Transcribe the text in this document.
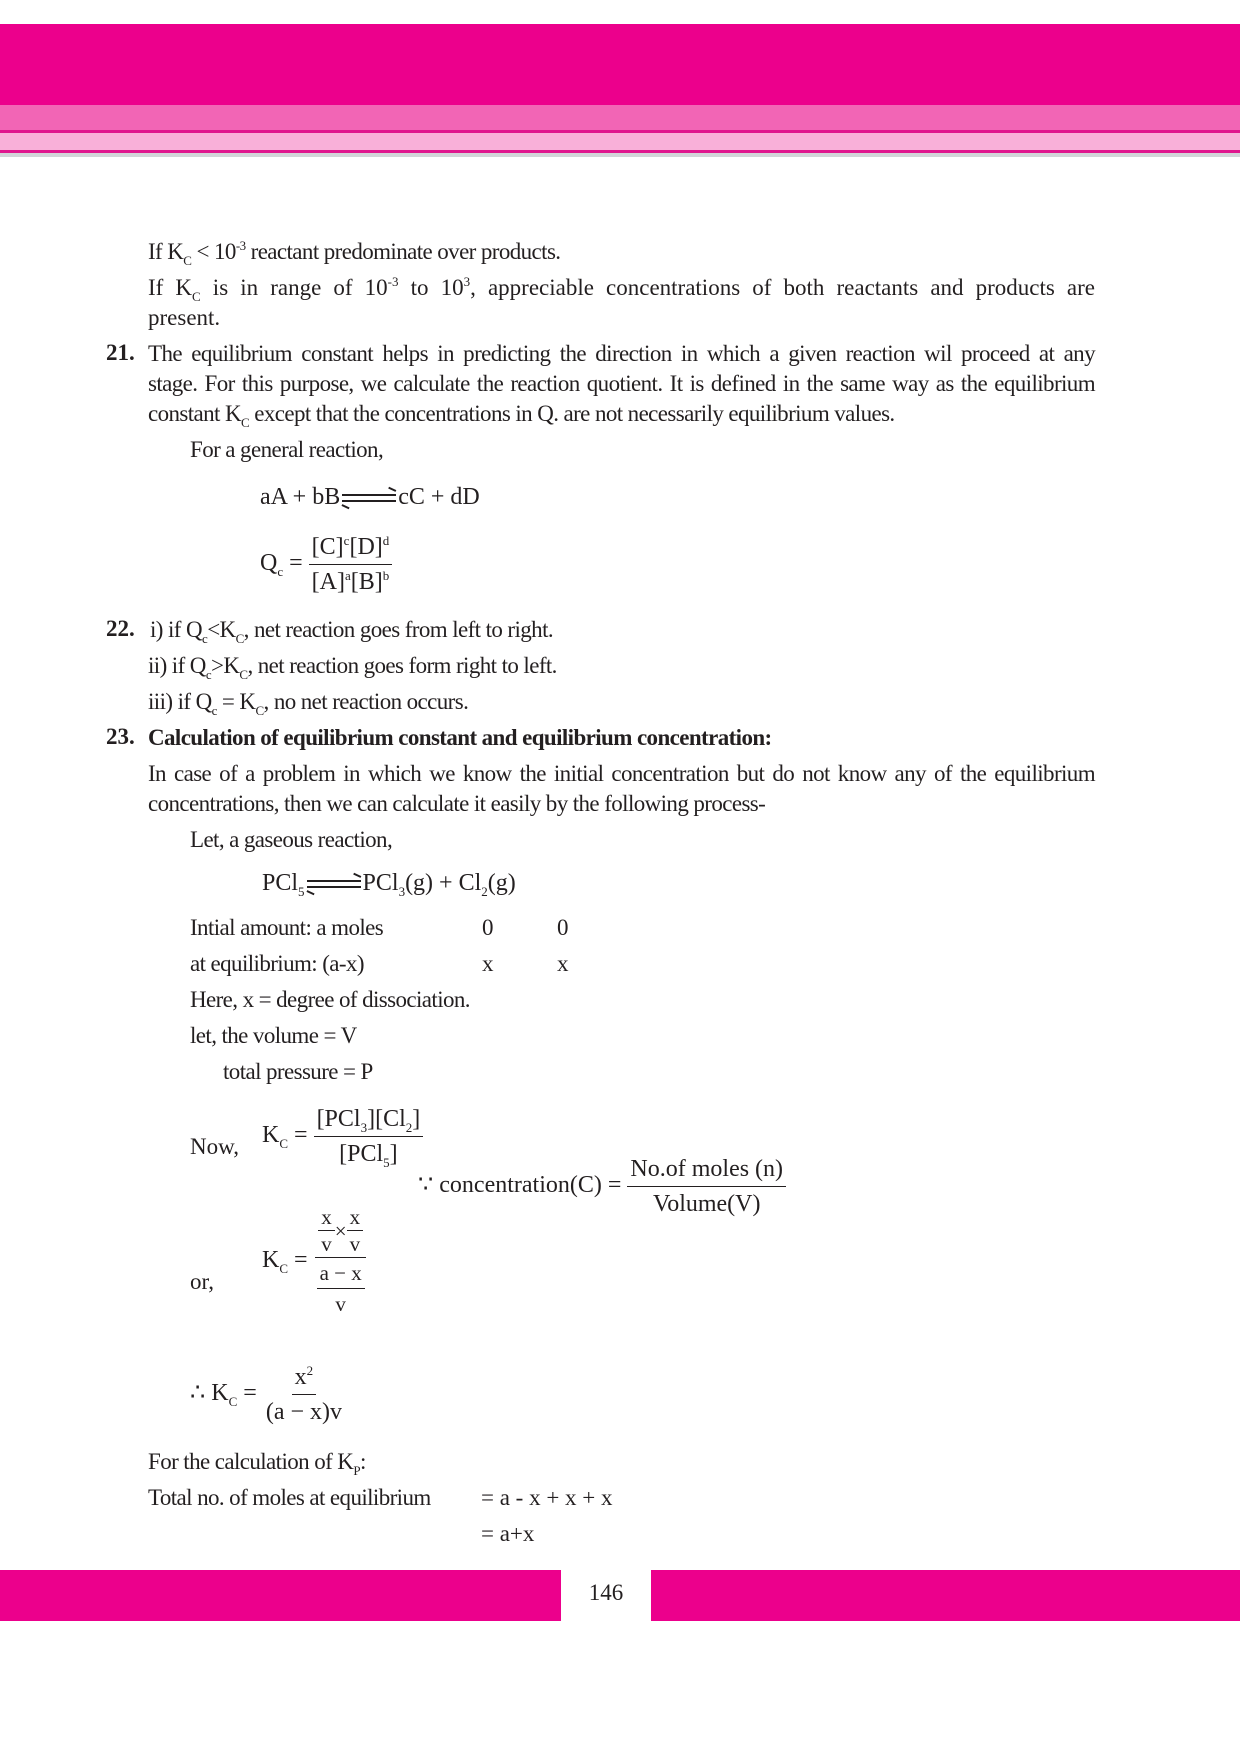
If $K_C < 10^{-3}$ reactant predominate over products.
If $K_C$ is in range of $10^{-3}$ to $10^3$, appreciable concentrations of both reactants and products are
present.
21. The equilibrium constant helps in predicting the direction in which a given reaction wil proceed at any
stage. For this purpose, we calculate the reaction quotient. It is defined in the same way as the equilibrium
constant $K_C$ except that the concentrations in Q. are not necessarily equilibrium values.
For a general reaction,
aA + bB cC + dD
$Q_c = \frac{[C]^c[D]^d}{[A]^a[B]^b}$
22. i) if $Q_c<K_C$, net reaction goes from left to right.
ii) if $Q_c>K_C$, net reaction goes form right to left.
iii) if $Q_c = K_C$, no net reaction occurs.
23. Calculation of equilibrium constant and equilibrium concentration:
In case of a problem in which we know the initial concentration but do not know any of the equilibrium
concentrations, then we can calculate it easily by the following process-
Let, a gaseous reaction,
PCl$_5$ $PCl_3(g) + Cl_2(g)$
Intial amount: a moles	0	0
at equilibrium: (a-x)	x	x
Here, x = degree of dissociation.
let, the volume = V
total pressure = P
Now, $K_C = \frac{[PCl_3][Cl_2]}{[PCl_5]}$
∵ concentration(C) = $\frac{\text{No.of moles (n)}}{\text{Volume(V)}}$
or,
$K_C = \frac{\frac{x}{v} \times \frac{x}{v}}{\frac{a - x}{v}}$
∴ $K_C = \frac{x^2}{(a - x)v}$
For the calculation of $K_P$:
Total no. of moles at equilibrium = a - x + x + x
= a+x
146
